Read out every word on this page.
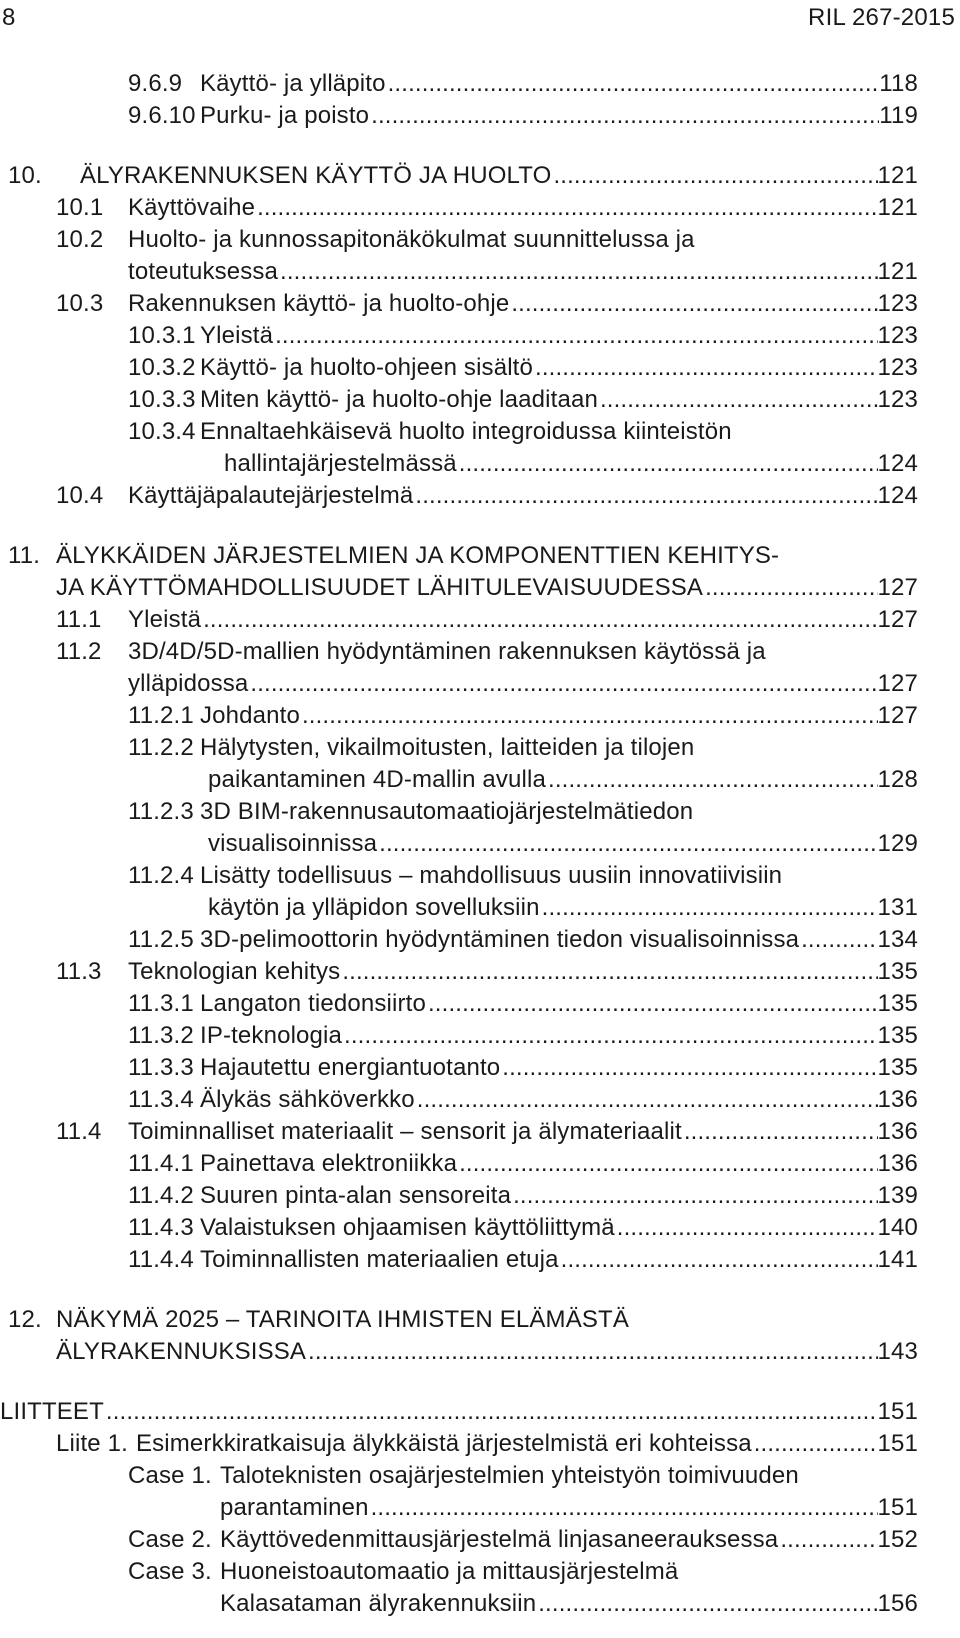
8	RIL 267-2015
9.6.9 Käyttö- ja ylläpito .....	118
9.6.10 Purku- ja poisto .....	119
10.	ÄLYRAKENNUKSEN KÄYTTÖ JA HUOLTO .....	121
10.1	Käyttövaihe .....	121
10.2	Huolto- ja kunnossapitonäkökulmat suunnittelussa ja
toteutuksessa .....	121
10.3	Rakennuksen käyttö- ja huolto-ohje .....	123
10.3.1 Yleistä .....	123
10.3.2 Käyttö- ja huolto-ohjeen sisältö .....	123
10.3.3 Miten käyttö- ja huolto-ohje laaditaan .....	123
10.3.4 Ennaltaehkäisevä huolto integroidussa kiinteistön
hallintajärjestelmässä .....	124
10.4	Käyttäjäpalautejärjestelmä .....	124
11. ÄLYKKÄIDEN JÄRJESTELMIEN JA KOMPONENTTIEN KEHITYS-
JA KÄYTTÖMAHDOLLISUUDET LÄHITULEVAISUUDESSA .....	127
11.1	Yleistä .....	127
11.2	3D/4D/5D-mallien hyödyntäminen rakennuksen käytössä ja
ylläpidossa .....	127
11.2.1 Johdanto .....	127
11.2.2 Hälytysten, vikailmoitusten, laitteiden ja tilojen
paikantaminen 4D-mallin avulla .....	128
11.2.3 3D BIM-rakennusautomaatiojärjestelmätiedon
visualisoinnissa .....	129
11.2.4 Lisätty todellisuus – mahdollisuus uusiin innovatiivisiin
käytön ja ylläpidon sovelluksiin .....	131
11.2.5 3D-pelimoottorin hyödyntäminen tiedon visualisoinnissa .....	134
11.3	Teknologian kehitys .....	135
11.3.1 Langaton tiedonsiirto .....	135
11.3.2 IP-teknologia .....	135
11.3.3 Hajautettu energiantuotanto .....	135
11.3.4 Älykäs sähköverkko .....	136
11.4	Toiminnalliset materiaalit – sensorit ja älymateriaalit .....	136
11.4.1 Painettava elektroniikka .....	136
11.4.2 Suuren pinta-alan sensoreita .....	139
11.4.3 Valaistuksen ohjaamisen käyttöliittymä .....	140
11.4.4 Toiminnallisten materiaalien etuja .....	141
12. NÄKYMÄ 2025 – TARINOITA IHMISTEN ELÄMÄSTÄ
ÄLYRAKENNUKSISSA .....	143
LIITTEET .....	151
Liite 1. Esimerkkiratkaisuja älykkäistä järjestelmistä eri kohteissa .....	151
Case 1. Taloteknisten osajärjestelmien yhteistyön toimivuuden
parantaminen .....	151
Case 2. Käyttövedenmittausjärjestelmä linjasaneerauksessa .....	152
Case 3. Huoneistoautomaatio ja mittausjärjestelmä
Kalasataman älyrakennuksiin .....	156
